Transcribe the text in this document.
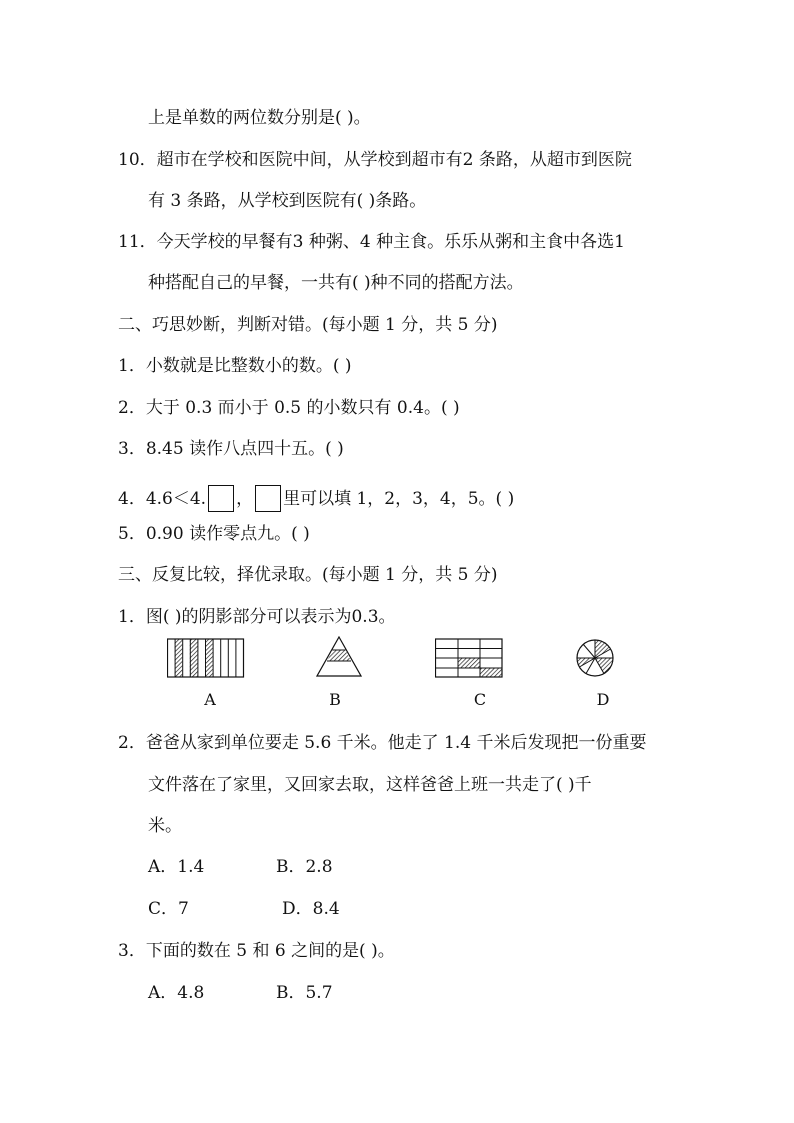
上是单数的两位数分别是( )。
10．超市在学校和医院中间，从学校到超市有2 条路，从超市到医院
有 3 条路，从学校到医院有( )条路。
11．今天学校的早餐有3 种粥、4 种主食。乐乐从粥和主食中各选1
种搭配自己的早餐，一共有( )种不同的搭配方法。
二、巧思妙断，判断对错。(每小题 1 分，共 5 分)
1．小数就是比整数小的数。( )
2．大于 0.3 而小于 0.5 的小数只有 0.4。( )
3．8.45 读作八点四十五。( )
4．4.6＜4. ， 里可以填 1，2，3，4，5。( )
5．0.90 读作零点九。( )
三、反复比较，择优录取。(每小题 1 分，共 5 分)
1．图( )的阴影部分可以表示为0.3。
A	B	C	D
2．爸爸从家到单位要走 5.6 千米。他走了 1.4 千米后发现把一份重要
文件落在了家里，又回家去取，这样爸爸上班一共走了( )千
米。
A．1.4	B．2.8
C．7	D．8.4
3．下面的数在 5 和 6 之间的是( )。
A．4.8	B．5.7
